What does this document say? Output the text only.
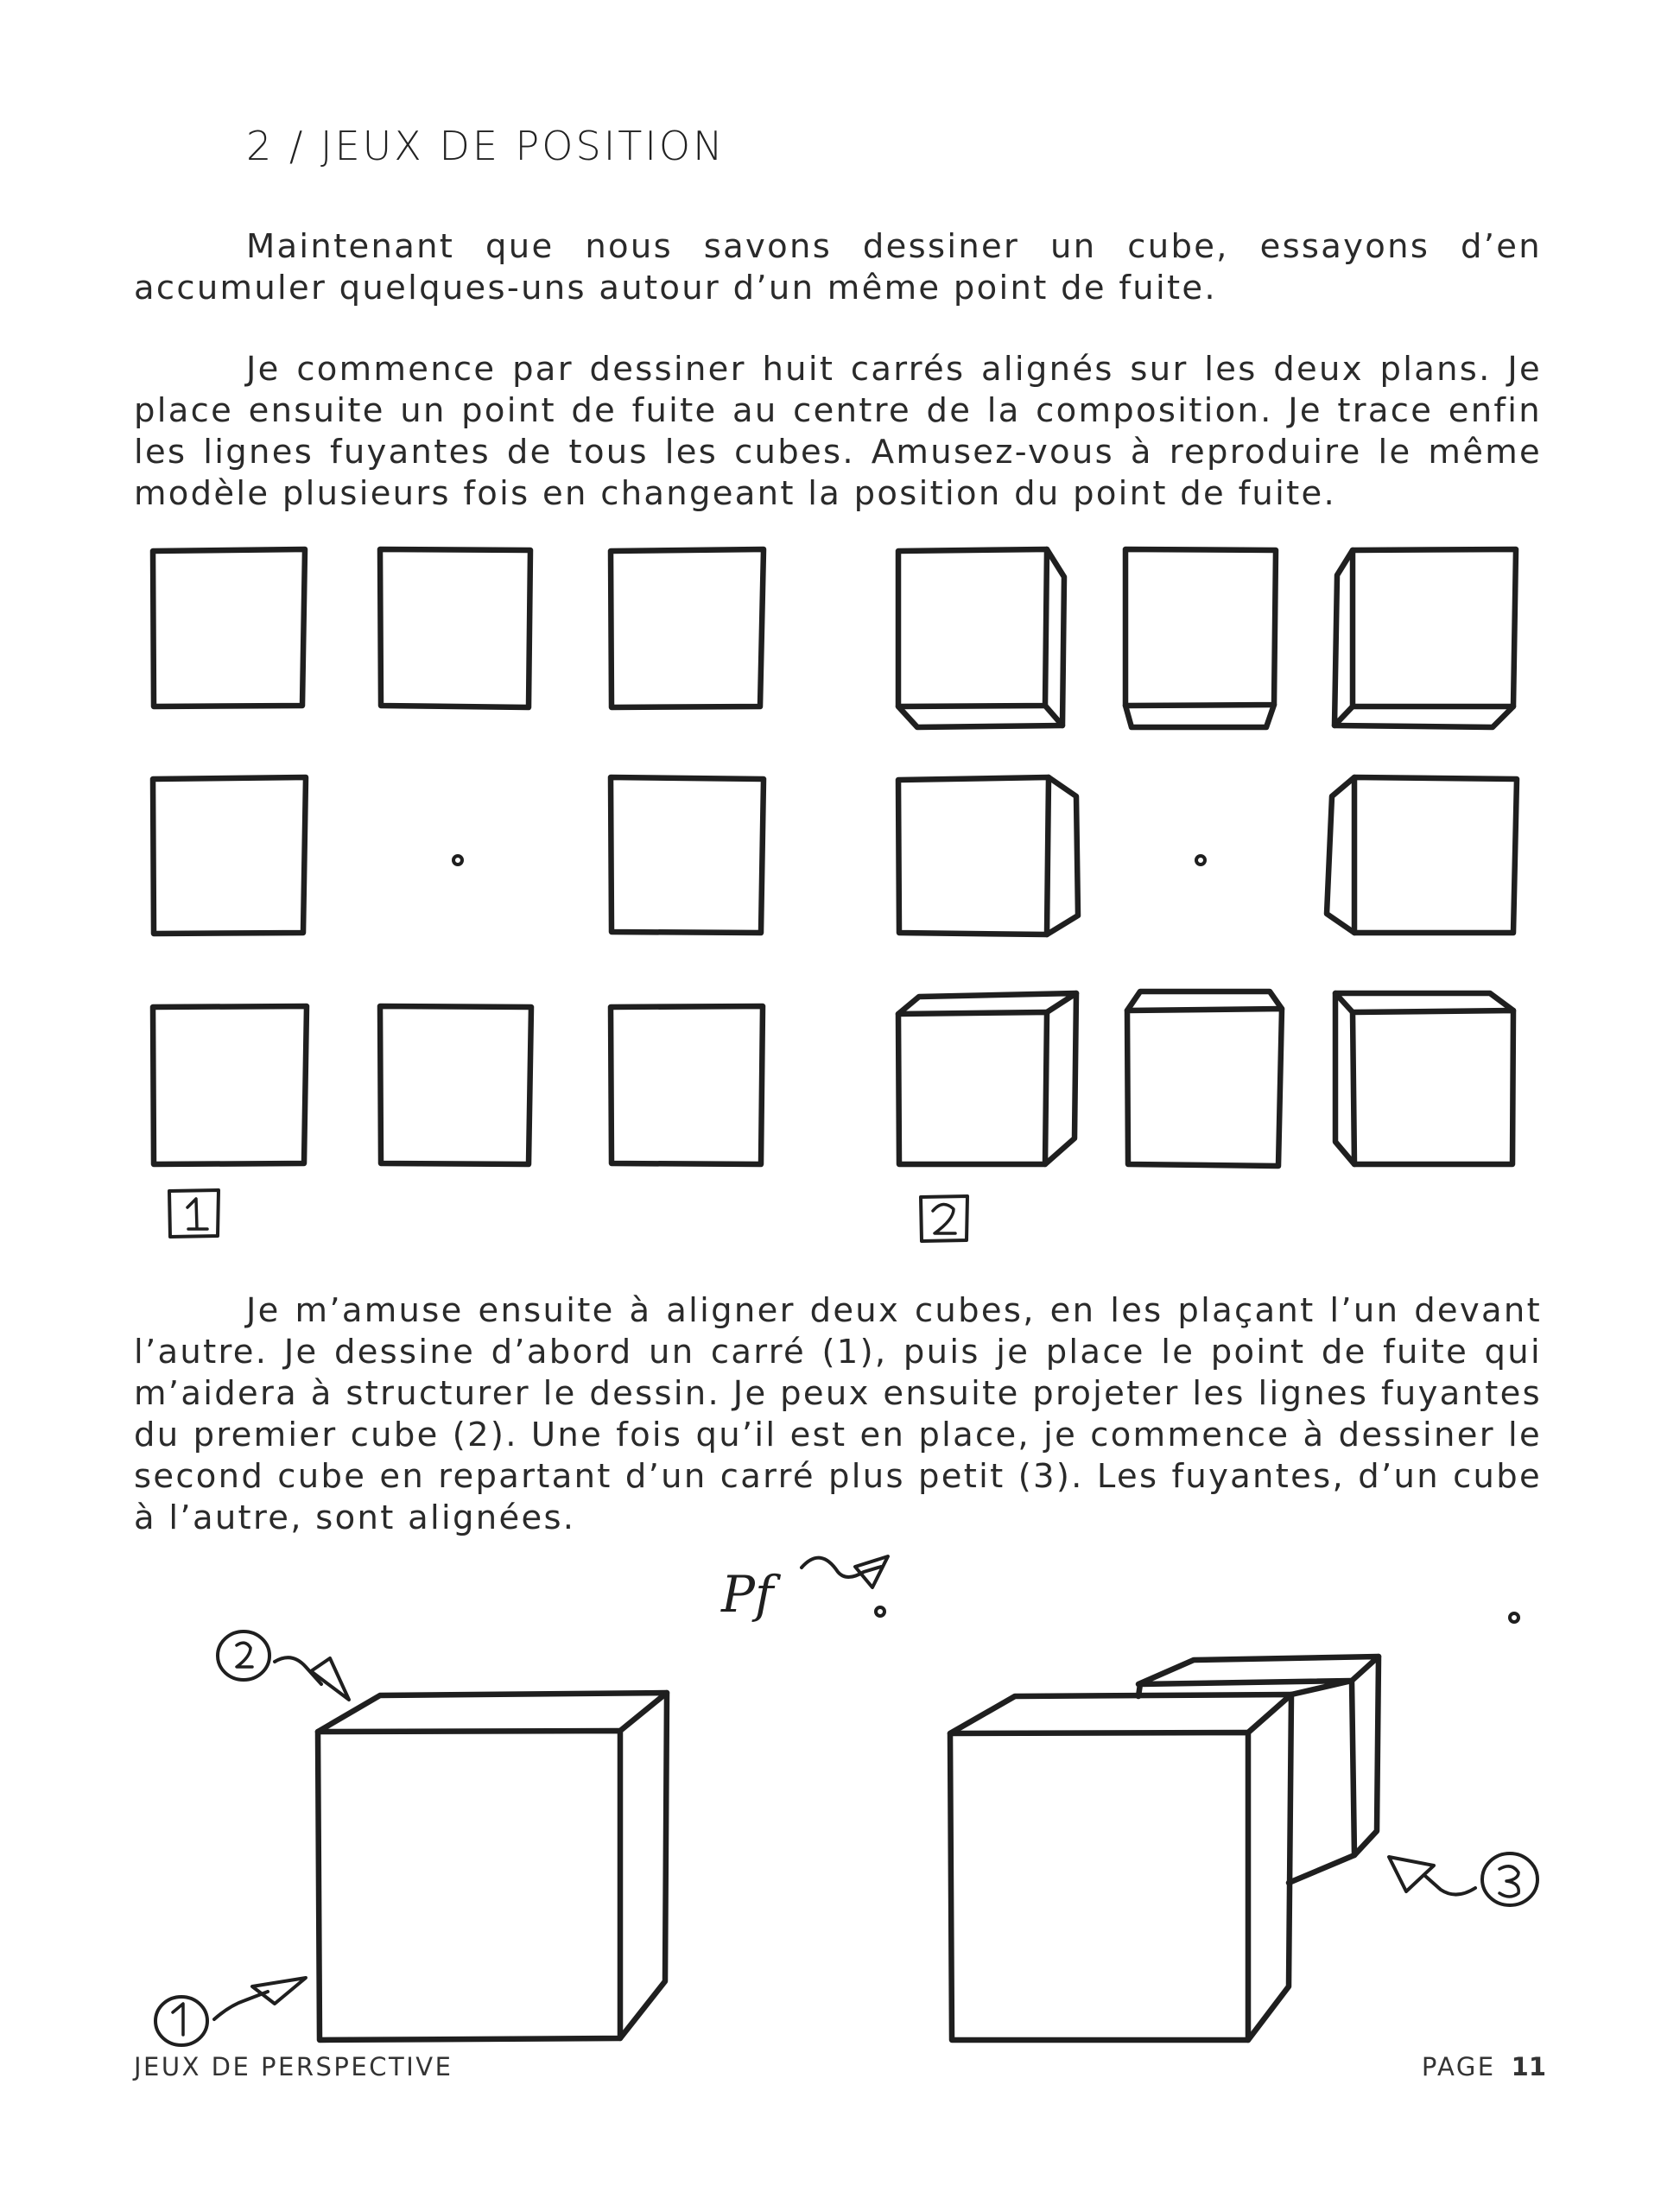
2 / JEUX DE POSITION

Maintenant que nous savons dessiner un cube, essayons d’en accumuler quelques-uns autour d’un même point de fuite.

Je commence par dessiner huit carrés alignés sur les deux plans. Je place ensuite un point de fuite au centre de la composition. Je trace enfin les lignes fuyantes de tous les cubes. Amusez-vous à reproduire le même modèle plusieurs fois en changeant la position du point de fuite.

Je m’amuse ensuite à aligner deux cubes, en les plaçant l’un devant l’autre. Je dessine d’abord un carré (1), puis je place le point de fuite qui m’aidera à structurer le dessin. Je peux ensuite projeter les lignes fuyantes du premier cube (2). Une fois qu’il est en place, je commence à dessiner le second cube en repartant d’un carré plus petit (3). Les fuyantes, d’un cube à l’autre, sont alignées.

Pf
JEUX DE PERSPECTIVE	PAGE 11
